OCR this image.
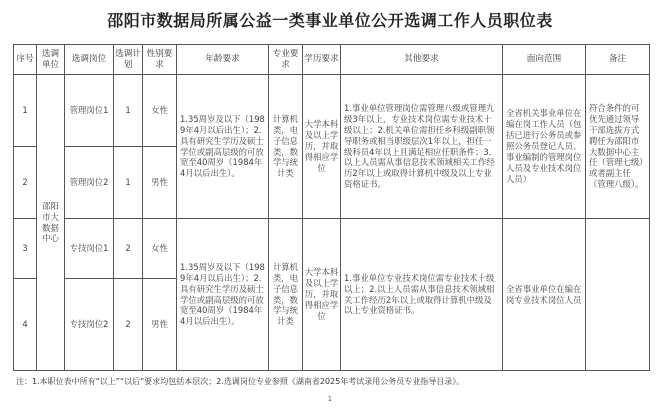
邵阳市数据局所属公益一类事业单位公开选调工作人员职位表
序号	选调单位	选调岗位	选调计划	性别要求	年龄要求	专业要求	学历要求	其他要求	面向范围	备注
1	邵阳市大数据中心	管理岗位1	1	女性	1.35周岁及以下（1989年4月以后出生）；2.具有研究生学历及硕士学位或副高层级的可放宽至40周岁（1984年4月以后出生）。	计算机类，电子信息类，数学与统计类	大学本科及以上学历，并取得相应学位	1.事业单位管理岗位需管理八级或管理九级3年以上，专业技术岗位需专业技术十级以上；2.机关单位需担任乡科级副职领导职务或相当职级层次1年以上，担任一级科员4年以上且满足相应任职条件；3.以上人员需从事信息技术领域相关工作经历2年以上或取得计算机中级及以上专业资格证书。	全省机关事业单位在编在岗工作人员（包括已进行公务员或参照公务员登记人员、事业编制的管理岗位人员及专业技术岗位人员）	符合条件的可优先通过领导干部选拔方式聘任为邵阳市大数据中心主任（管理七级）或者副主任（管理八级）。
2		管理岗位2	1	男性						
3		专技岗位1	2	女性	1.35周岁及以下（1989年4月以后出生）；2.具有研究生学历及硕士学位或副高层级的可放宽至40周岁（1984年4月以后出生）。	计算机类，电子信息类，数学与统计类	大学本科及以上学历，并取得相应学位	1.事业单位专业技术岗位需专业技术十级以上；2.以上人员需从事信息技术领域相关工作经历2年以上或取得计算机中级及以上专业资格证书。	全省事业单位在编在岗专业技术岗位人员	
4		专技岗位2	2	男性						
注：1.本职位表中所有“以上”“以后”要求均包括本层次；2.选调岗位专业参照《湖南省2025年考试录用公务员专业指导目录》。
1
